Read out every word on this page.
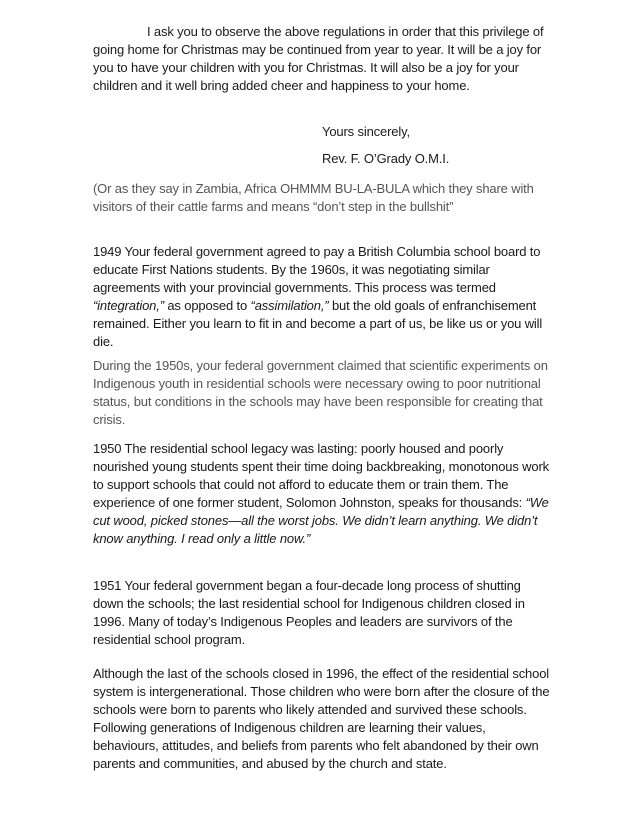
I ask you to observe the above regulations in order that this privilege of going home for Christmas may be continued from year to year. It will be a joy for you to have your children with you for Christmas. It will also be a joy for your children and it well bring added cheer and happiness to your home.

Yours sincerely,

Rev. F. O’Grady O.M.I.

(Or as they say in Zambia, Africa OHMMM BU-LA-BULA which they share with visitors of their cattle farms and means “don’t step in the bullshit”

1949 Your federal government agreed to pay a British Columbia school board to educate First Nations students. By the 1960s, it was negotiating similar agreements with your provincial governments. This process was termed “integration,” as opposed to “assimilation,” but the old goals of enfranchisement remained. Either you learn to fit in and become a part of us, be like us or you will die.

During the 1950s, your federal government claimed that scientific experiments on Indigenous youth in residential schools were necessary owing to poor nutritional status, but conditions in the schools may have been responsible for creating that crisis.

1950 The residential school legacy was lasting: poorly housed and poorly nourished young students spent their time doing backbreaking, monotonous work to support schools that could not afford to educate them or train them. The experience of one former student, Solomon Johnston, speaks for thousands: “We cut wood, picked stones—all the worst jobs. We didn’t learn anything. We didn’t know anything. I read only a little now.”

1951 Your federal government began a four-decade long process of shutting down the schools; the last residential school for Indigenous children closed in 1996. Many of today’s Indigenous Peoples and leaders are survivors of the residential school program.

Although the last of the schools closed in 1996, the effect of the residential school system is intergenerational. Those children who were born after the closure of the schools were born to parents who likely attended and survived these schools. Following generations of Indigenous children are learning their values, behaviours, attitudes, and beliefs from parents who felt abandoned by their own parents and communities, and abused by the church and state.
